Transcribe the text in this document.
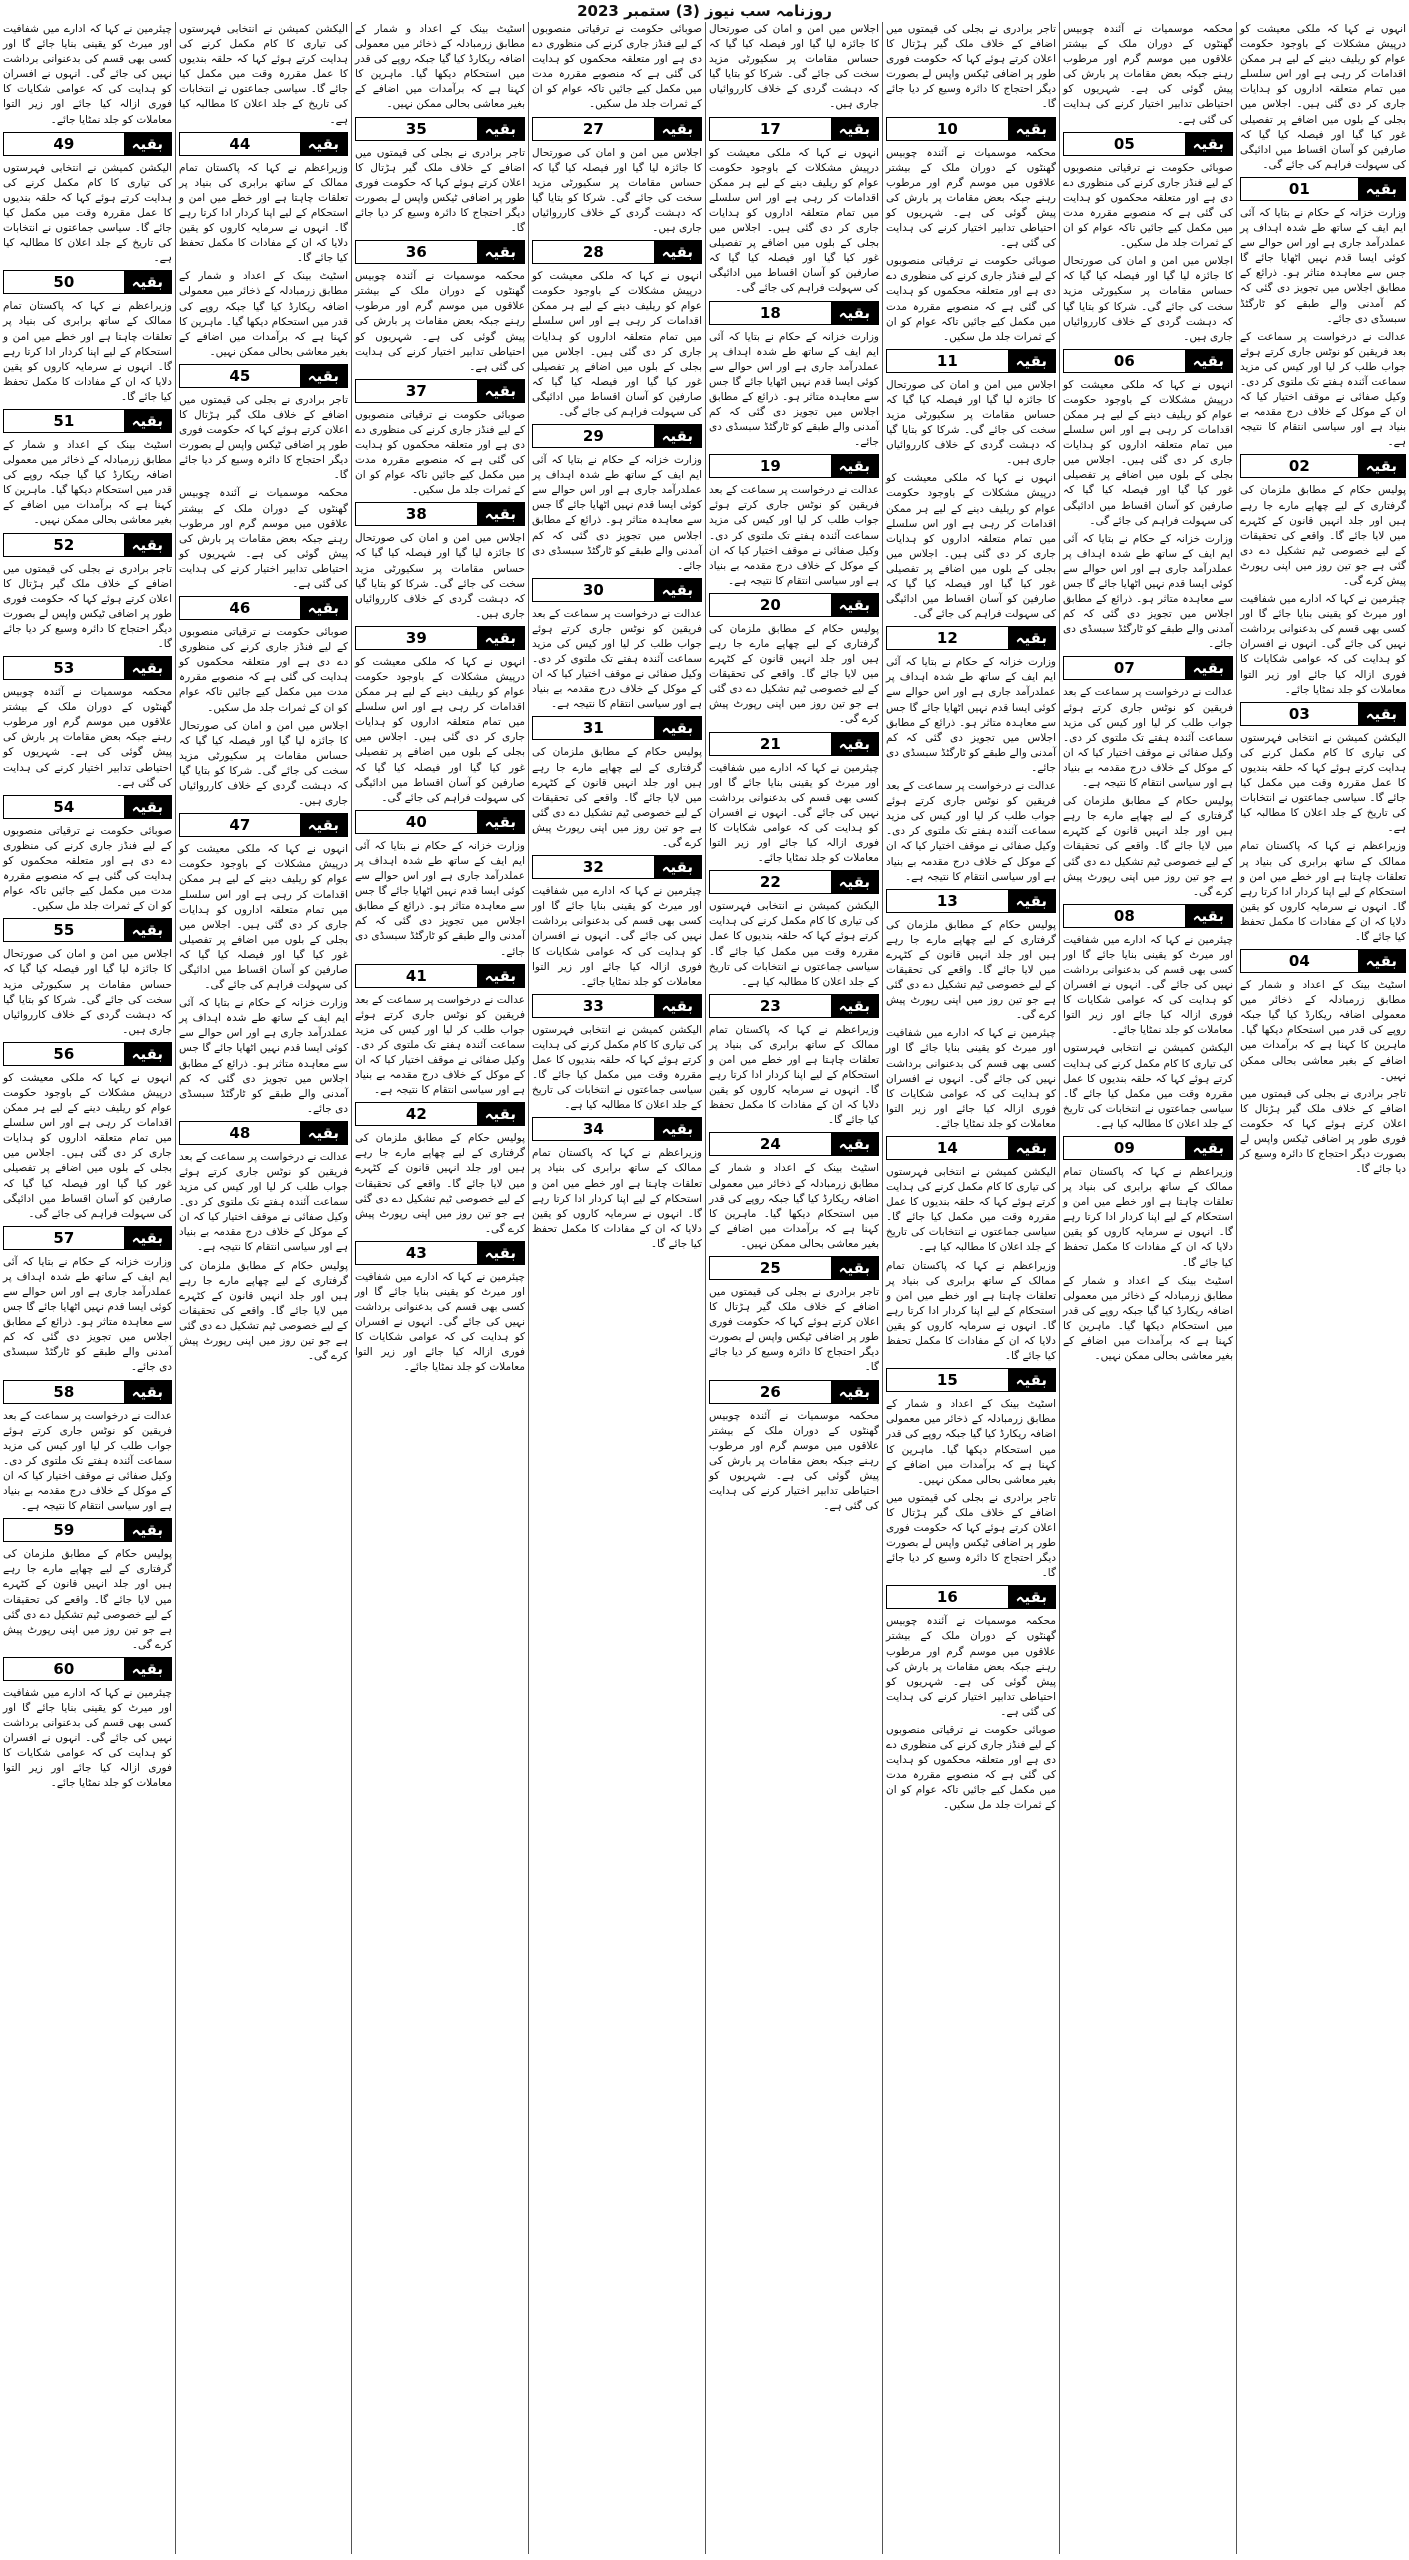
روزنامہ سب نیوز (3) ستمبر 2023

انہوں نے کہا کہ ملکی معیشت کو درپیش مشکلات کے باوجود حکومت عوام کو ریلیف دینے کے لیے ہر ممکن اقدامات کر رہی ہے اور اس سلسلے میں تمام متعلقہ اداروں کو ہدایات جاری کر دی گئی ہیں۔ اجلاس میں بجلی کے بلوں میں اضافے پر تفصیلی غور کیا گیا اور فیصلہ کیا گیا کہ صارفین کو آسان اقساط میں ادائیگی کی سہولت فراہم کی جائے گی۔

بقیہ
01

وزارت خزانہ کے حکام نے بتایا کہ آئی ایم ایف کے ساتھ طے شدہ اہداف پر عملدرآمد جاری ہے اور اس حوالے سے کوئی ایسا قدم نہیں اٹھایا جائے گا جس سے معاہدہ متاثر ہو۔ ذرائع کے مطابق اجلاس میں تجویز دی گئی کہ کم آمدنی والے طبقے کو ٹارگٹڈ سبسڈی دی جائے۔

عدالت نے درخواست پر سماعت کے بعد فریقین کو نوٹس جاری کرتے ہوئے جواب طلب کر لیا اور کیس کی مزید سماعت آئندہ ہفتے تک ملتوی کر دی۔ وکیل صفائی نے موقف اختیار کیا کہ ان کے موکل کے خلاف درج مقدمہ بے بنیاد ہے اور سیاسی انتقام کا نتیجہ ہے۔

بقیہ
02

پولیس حکام کے مطابق ملزمان کی گرفتاری کے لیے چھاپے مارے جا رہے ہیں اور جلد انہیں قانون کے کٹہرے میں لایا جائے گا۔ واقعے کی تحقیقات کے لیے خصوصی ٹیم تشکیل دے دی گئی ہے جو تین روز میں اپنی رپورٹ پیش کرے گی۔

چیئرمین نے کہا کہ ادارے میں شفافیت اور میرٹ کو یقینی بنایا جائے گا اور کسی بھی قسم کی بدعنوانی برداشت نہیں کی جائے گی۔ انہوں نے افسران کو ہدایت کی کہ عوامی شکایات کا فوری ازالہ کیا جائے اور زیر التوا معاملات کو جلد نمٹایا جائے۔

بقیہ
03

الیکشن کمیشن نے انتخابی فہرستوں کی تیاری کا کام مکمل کرنے کی ہدایت کرتے ہوئے کہا کہ حلقہ بندیوں کا عمل مقررہ وقت میں مکمل کیا جائے گا۔ سیاسی جماعتوں نے انتخابات کی تاریخ کے جلد اعلان کا مطالبہ کیا ہے۔

وزیراعظم نے کہا کہ پاکستان تمام ممالک کے ساتھ برابری کی بنیاد پر تعلقات چاہتا ہے اور خطے میں امن و استحکام کے لیے اپنا کردار ادا کرتا رہے گا۔ انہوں نے سرمایہ کاروں کو یقین دلایا کہ ان کے مفادات کا مکمل تحفظ کیا جائے گا۔

بقیہ
04

اسٹیٹ بینک کے اعداد و شمار کے مطابق زرمبادلہ کے ذخائر میں معمولی اضافہ ریکارڈ کیا گیا جبکہ روپے کی قدر میں استحکام دیکھا گیا۔ ماہرین کا کہنا ہے کہ برآمدات میں اضافے کے بغیر معاشی بحالی ممکن نہیں۔

تاجر برادری نے بجلی کی قیمتوں میں اضافے کے خلاف ملک گیر ہڑتال کا اعلان کرتے ہوئے کہا کہ حکومت فوری طور پر اضافی ٹیکس واپس لے بصورت دیگر احتجاج کا دائرہ وسیع کر دیا جائے گا۔

محکمہ موسمیات نے آئندہ چوبیس گھنٹوں کے دوران ملک کے بیشتر علاقوں میں موسم گرم اور مرطوب رہنے جبکہ بعض مقامات پر بارش کی پیش گوئی کی ہے۔ شہریوں کو احتیاطی تدابیر اختیار کرنے کی ہدایت کی گئی ہے۔

بقیہ
05

صوبائی حکومت نے ترقیاتی منصوبوں کے لیے فنڈز جاری کرنے کی منظوری دے دی ہے اور متعلقہ محکموں کو ہدایت کی گئی ہے کہ منصوبے مقررہ مدت میں مکمل کیے جائیں تاکہ عوام کو ان کے ثمرات جلد مل سکیں۔

اجلاس میں امن و امان کی صورتحال کا جائزہ لیا گیا اور فیصلہ کیا گیا کہ حساس مقامات پر سکیورٹی مزید سخت کی جائے گی۔ شرکا کو بتایا گیا کہ دہشت گردی کے خلاف کارروائیاں جاری ہیں۔

بقیہ
06

انہوں نے کہا کہ ملکی معیشت کو درپیش مشکلات کے باوجود حکومت عوام کو ریلیف دینے کے لیے ہر ممکن اقدامات کر رہی ہے اور اس سلسلے میں تمام متعلقہ اداروں کو ہدایات جاری کر دی گئی ہیں۔ اجلاس میں بجلی کے بلوں میں اضافے پر تفصیلی غور کیا گیا اور فیصلہ کیا گیا کہ صارفین کو آسان اقساط میں ادائیگی کی سہولت فراہم کی جائے گی۔

وزارت خزانہ کے حکام نے بتایا کہ آئی ایم ایف کے ساتھ طے شدہ اہداف پر عملدرآمد جاری ہے اور اس حوالے سے کوئی ایسا قدم نہیں اٹھایا جائے گا جس سے معاہدہ متاثر ہو۔ ذرائع کے مطابق اجلاس میں تجویز دی گئی کہ کم آمدنی والے طبقے کو ٹارگٹڈ سبسڈی دی جائے۔

بقیہ
07

عدالت نے درخواست پر سماعت کے بعد فریقین کو نوٹس جاری کرتے ہوئے جواب طلب کر لیا اور کیس کی مزید سماعت آئندہ ہفتے تک ملتوی کر دی۔ وکیل صفائی نے موقف اختیار کیا کہ ان کے موکل کے خلاف درج مقدمہ بے بنیاد ہے اور سیاسی انتقام کا نتیجہ ہے۔

پولیس حکام کے مطابق ملزمان کی گرفتاری کے لیے چھاپے مارے جا رہے ہیں اور جلد انہیں قانون کے کٹہرے میں لایا جائے گا۔ واقعے کی تحقیقات کے لیے خصوصی ٹیم تشکیل دے دی گئی ہے جو تین روز میں اپنی رپورٹ پیش کرے گی۔

بقیہ
08

چیئرمین نے کہا کہ ادارے میں شفافیت اور میرٹ کو یقینی بنایا جائے گا اور کسی بھی قسم کی بدعنوانی برداشت نہیں کی جائے گی۔ انہوں نے افسران کو ہدایت کی کہ عوامی شکایات کا فوری ازالہ کیا جائے اور زیر التوا معاملات کو جلد نمٹایا جائے۔

الیکشن کمیشن نے انتخابی فہرستوں کی تیاری کا کام مکمل کرنے کی ہدایت کرتے ہوئے کہا کہ حلقہ بندیوں کا عمل مقررہ وقت میں مکمل کیا جائے گا۔ سیاسی جماعتوں نے انتخابات کی تاریخ کے جلد اعلان کا مطالبہ کیا ہے۔

بقیہ
09

وزیراعظم نے کہا کہ پاکستان تمام ممالک کے ساتھ برابری کی بنیاد پر تعلقات چاہتا ہے اور خطے میں امن و استحکام کے لیے اپنا کردار ادا کرتا رہے گا۔ انہوں نے سرمایہ کاروں کو یقین دلایا کہ ان کے مفادات کا مکمل تحفظ کیا جائے گا۔

اسٹیٹ بینک کے اعداد و شمار کے مطابق زرمبادلہ کے ذخائر میں معمولی اضافہ ریکارڈ کیا گیا جبکہ روپے کی قدر میں استحکام دیکھا گیا۔ ماہرین کا کہنا ہے کہ برآمدات میں اضافے کے بغیر معاشی بحالی ممکن نہیں۔

تاجر برادری نے بجلی کی قیمتوں میں اضافے کے خلاف ملک گیر ہڑتال کا اعلان کرتے ہوئے کہا کہ حکومت فوری طور پر اضافی ٹیکس واپس لے بصورت دیگر احتجاج کا دائرہ وسیع کر دیا جائے گا۔

بقیہ
10

محکمہ موسمیات نے آئندہ چوبیس گھنٹوں کے دوران ملک کے بیشتر علاقوں میں موسم گرم اور مرطوب رہنے جبکہ بعض مقامات پر بارش کی پیش گوئی کی ہے۔ شہریوں کو احتیاطی تدابیر اختیار کرنے کی ہدایت کی گئی ہے۔

صوبائی حکومت نے ترقیاتی منصوبوں کے لیے فنڈز جاری کرنے کی منظوری دے دی ہے اور متعلقہ محکموں کو ہدایت کی گئی ہے کہ منصوبے مقررہ مدت میں مکمل کیے جائیں تاکہ عوام کو ان کے ثمرات جلد مل سکیں۔

بقیہ
11

اجلاس میں امن و امان کی صورتحال کا جائزہ لیا گیا اور فیصلہ کیا گیا کہ حساس مقامات پر سکیورٹی مزید سخت کی جائے گی۔ شرکا کو بتایا گیا کہ دہشت گردی کے خلاف کارروائیاں جاری ہیں۔

انہوں نے کہا کہ ملکی معیشت کو درپیش مشکلات کے باوجود حکومت عوام کو ریلیف دینے کے لیے ہر ممکن اقدامات کر رہی ہے اور اس سلسلے میں تمام متعلقہ اداروں کو ہدایات جاری کر دی گئی ہیں۔ اجلاس میں بجلی کے بلوں میں اضافے پر تفصیلی غور کیا گیا اور فیصلہ کیا گیا کہ صارفین کو آسان اقساط میں ادائیگی کی سہولت فراہم کی جائے گی۔

بقیہ
12

وزارت خزانہ کے حکام نے بتایا کہ آئی ایم ایف کے ساتھ طے شدہ اہداف پر عملدرآمد جاری ہے اور اس حوالے سے کوئی ایسا قدم نہیں اٹھایا جائے گا جس سے معاہدہ متاثر ہو۔ ذرائع کے مطابق اجلاس میں تجویز دی گئی کہ کم آمدنی والے طبقے کو ٹارگٹڈ سبسڈی دی جائے۔

عدالت نے درخواست پر سماعت کے بعد فریقین کو نوٹس جاری کرتے ہوئے جواب طلب کر لیا اور کیس کی مزید سماعت آئندہ ہفتے تک ملتوی کر دی۔ وکیل صفائی نے موقف اختیار کیا کہ ان کے موکل کے خلاف درج مقدمہ بے بنیاد ہے اور سیاسی انتقام کا نتیجہ ہے۔

بقیہ
13

پولیس حکام کے مطابق ملزمان کی گرفتاری کے لیے چھاپے مارے جا رہے ہیں اور جلد انہیں قانون کے کٹہرے میں لایا جائے گا۔ واقعے کی تحقیقات کے لیے خصوصی ٹیم تشکیل دے دی گئی ہے جو تین روز میں اپنی رپورٹ پیش کرے گی۔

چیئرمین نے کہا کہ ادارے میں شفافیت اور میرٹ کو یقینی بنایا جائے گا اور کسی بھی قسم کی بدعنوانی برداشت نہیں کی جائے گی۔ انہوں نے افسران کو ہدایت کی کہ عوامی شکایات کا فوری ازالہ کیا جائے اور زیر التوا معاملات کو جلد نمٹایا جائے۔

بقیہ
14

الیکشن کمیشن نے انتخابی فہرستوں کی تیاری کا کام مکمل کرنے کی ہدایت کرتے ہوئے کہا کہ حلقہ بندیوں کا عمل مقررہ وقت میں مکمل کیا جائے گا۔ سیاسی جماعتوں نے انتخابات کی تاریخ کے جلد اعلان کا مطالبہ کیا ہے۔

وزیراعظم نے کہا کہ پاکستان تمام ممالک کے ساتھ برابری کی بنیاد پر تعلقات چاہتا ہے اور خطے میں امن و استحکام کے لیے اپنا کردار ادا کرتا رہے گا۔ انہوں نے سرمایہ کاروں کو یقین دلایا کہ ان کے مفادات کا مکمل تحفظ کیا جائے گا۔

بقیہ
15

اسٹیٹ بینک کے اعداد و شمار کے مطابق زرمبادلہ کے ذخائر میں معمولی اضافہ ریکارڈ کیا گیا جبکہ روپے کی قدر میں استحکام دیکھا گیا۔ ماہرین کا کہنا ہے کہ برآمدات میں اضافے کے بغیر معاشی بحالی ممکن نہیں۔

تاجر برادری نے بجلی کی قیمتوں میں اضافے کے خلاف ملک گیر ہڑتال کا اعلان کرتے ہوئے کہا کہ حکومت فوری طور پر اضافی ٹیکس واپس لے بصورت دیگر احتجاج کا دائرہ وسیع کر دیا جائے گا۔

بقیہ
16

محکمہ موسمیات نے آئندہ چوبیس گھنٹوں کے دوران ملک کے بیشتر علاقوں میں موسم گرم اور مرطوب رہنے جبکہ بعض مقامات پر بارش کی پیش گوئی کی ہے۔ شہریوں کو احتیاطی تدابیر اختیار کرنے کی ہدایت کی گئی ہے۔

صوبائی حکومت نے ترقیاتی منصوبوں کے لیے فنڈز جاری کرنے کی منظوری دے دی ہے اور متعلقہ محکموں کو ہدایت کی گئی ہے کہ منصوبے مقررہ مدت میں مکمل کیے جائیں تاکہ عوام کو ان کے ثمرات جلد مل سکیں۔

اجلاس میں امن و امان کی صورتحال کا جائزہ لیا گیا اور فیصلہ کیا گیا کہ حساس مقامات پر سکیورٹی مزید سخت کی جائے گی۔ شرکا کو بتایا گیا کہ دہشت گردی کے خلاف کارروائیاں جاری ہیں۔

بقیہ
17

انہوں نے کہا کہ ملکی معیشت کو درپیش مشکلات کے باوجود حکومت عوام کو ریلیف دینے کے لیے ہر ممکن اقدامات کر رہی ہے اور اس سلسلے میں تمام متعلقہ اداروں کو ہدایات جاری کر دی گئی ہیں۔ اجلاس میں بجلی کے بلوں میں اضافے پر تفصیلی غور کیا گیا اور فیصلہ کیا گیا کہ صارفین کو آسان اقساط میں ادائیگی کی سہولت فراہم کی جائے گی۔

بقیہ
18

وزارت خزانہ کے حکام نے بتایا کہ آئی ایم ایف کے ساتھ طے شدہ اہداف پر عملدرآمد جاری ہے اور اس حوالے سے کوئی ایسا قدم نہیں اٹھایا جائے گا جس سے معاہدہ متاثر ہو۔ ذرائع کے مطابق اجلاس میں تجویز دی گئی کہ کم آمدنی والے طبقے کو ٹارگٹڈ سبسڈی دی جائے۔

بقیہ
19

عدالت نے درخواست پر سماعت کے بعد فریقین کو نوٹس جاری کرتے ہوئے جواب طلب کر لیا اور کیس کی مزید سماعت آئندہ ہفتے تک ملتوی کر دی۔ وکیل صفائی نے موقف اختیار کیا کہ ان کے موکل کے خلاف درج مقدمہ بے بنیاد ہے اور سیاسی انتقام کا نتیجہ ہے۔

بقیہ
20

پولیس حکام کے مطابق ملزمان کی گرفتاری کے لیے چھاپے مارے جا رہے ہیں اور جلد انہیں قانون کے کٹہرے میں لایا جائے گا۔ واقعے کی تحقیقات کے لیے خصوصی ٹیم تشکیل دے دی گئی ہے جو تین روز میں اپنی رپورٹ پیش کرے گی۔

بقیہ
21

چیئرمین نے کہا کہ ادارے میں شفافیت اور میرٹ کو یقینی بنایا جائے گا اور کسی بھی قسم کی بدعنوانی برداشت نہیں کی جائے گی۔ انہوں نے افسران کو ہدایت کی کہ عوامی شکایات کا فوری ازالہ کیا جائے اور زیر التوا معاملات کو جلد نمٹایا جائے۔

بقیہ
22

الیکشن کمیشن نے انتخابی فہرستوں کی تیاری کا کام مکمل کرنے کی ہدایت کرتے ہوئے کہا کہ حلقہ بندیوں کا عمل مقررہ وقت میں مکمل کیا جائے گا۔ سیاسی جماعتوں نے انتخابات کی تاریخ کے جلد اعلان کا مطالبہ کیا ہے۔

بقیہ
23

وزیراعظم نے کہا کہ پاکستان تمام ممالک کے ساتھ برابری کی بنیاد پر تعلقات چاہتا ہے اور خطے میں امن و استحکام کے لیے اپنا کردار ادا کرتا رہے گا۔ انہوں نے سرمایہ کاروں کو یقین دلایا کہ ان کے مفادات کا مکمل تحفظ کیا جائے گا۔

بقیہ
24

اسٹیٹ بینک کے اعداد و شمار کے مطابق زرمبادلہ کے ذخائر میں معمولی اضافہ ریکارڈ کیا گیا جبکہ روپے کی قدر میں استحکام دیکھا گیا۔ ماہرین کا کہنا ہے کہ برآمدات میں اضافے کے بغیر معاشی بحالی ممکن نہیں۔

بقیہ
25

تاجر برادری نے بجلی کی قیمتوں میں اضافے کے خلاف ملک گیر ہڑتال کا اعلان کرتے ہوئے کہا کہ حکومت فوری طور پر اضافی ٹیکس واپس لے بصورت دیگر احتجاج کا دائرہ وسیع کر دیا جائے گا۔

بقیہ
26

محکمہ موسمیات نے آئندہ چوبیس گھنٹوں کے دوران ملک کے بیشتر علاقوں میں موسم گرم اور مرطوب رہنے جبکہ بعض مقامات پر بارش کی پیش گوئی کی ہے۔ شہریوں کو احتیاطی تدابیر اختیار کرنے کی ہدایت کی گئی ہے۔

صوبائی حکومت نے ترقیاتی منصوبوں کے لیے فنڈز جاری کرنے کی منظوری دے دی ہے اور متعلقہ محکموں کو ہدایت کی گئی ہے کہ منصوبے مقررہ مدت میں مکمل کیے جائیں تاکہ عوام کو ان کے ثمرات جلد مل سکیں۔

بقیہ
27

اجلاس میں امن و امان کی صورتحال کا جائزہ لیا گیا اور فیصلہ کیا گیا کہ حساس مقامات پر سکیورٹی مزید سخت کی جائے گی۔ شرکا کو بتایا گیا کہ دہشت گردی کے خلاف کارروائیاں جاری ہیں۔

بقیہ
28

انہوں نے کہا کہ ملکی معیشت کو درپیش مشکلات کے باوجود حکومت عوام کو ریلیف دینے کے لیے ہر ممکن اقدامات کر رہی ہے اور اس سلسلے میں تمام متعلقہ اداروں کو ہدایات جاری کر دی گئی ہیں۔ اجلاس میں بجلی کے بلوں میں اضافے پر تفصیلی غور کیا گیا اور فیصلہ کیا گیا کہ صارفین کو آسان اقساط میں ادائیگی کی سہولت فراہم کی جائے گی۔

بقیہ
29

وزارت خزانہ کے حکام نے بتایا کہ آئی ایم ایف کے ساتھ طے شدہ اہداف پر عملدرآمد جاری ہے اور اس حوالے سے کوئی ایسا قدم نہیں اٹھایا جائے گا جس سے معاہدہ متاثر ہو۔ ذرائع کے مطابق اجلاس میں تجویز دی گئی کہ کم آمدنی والے طبقے کو ٹارگٹڈ سبسڈی دی جائے۔

بقیہ
30

عدالت نے درخواست پر سماعت کے بعد فریقین کو نوٹس جاری کرتے ہوئے جواب طلب کر لیا اور کیس کی مزید سماعت آئندہ ہفتے تک ملتوی کر دی۔ وکیل صفائی نے موقف اختیار کیا کہ ان کے موکل کے خلاف درج مقدمہ بے بنیاد ہے اور سیاسی انتقام کا نتیجہ ہے۔

بقیہ
31

پولیس حکام کے مطابق ملزمان کی گرفتاری کے لیے چھاپے مارے جا رہے ہیں اور جلد انہیں قانون کے کٹہرے میں لایا جائے گا۔ واقعے کی تحقیقات کے لیے خصوصی ٹیم تشکیل دے دی گئی ہے جو تین روز میں اپنی رپورٹ پیش کرے گی۔

بقیہ
32

چیئرمین نے کہا کہ ادارے میں شفافیت اور میرٹ کو یقینی بنایا جائے گا اور کسی بھی قسم کی بدعنوانی برداشت نہیں کی جائے گی۔ انہوں نے افسران کو ہدایت کی کہ عوامی شکایات کا فوری ازالہ کیا جائے اور زیر التوا معاملات کو جلد نمٹایا جائے۔

بقیہ
33

الیکشن کمیشن نے انتخابی فہرستوں کی تیاری کا کام مکمل کرنے کی ہدایت کرتے ہوئے کہا کہ حلقہ بندیوں کا عمل مقررہ وقت میں مکمل کیا جائے گا۔ سیاسی جماعتوں نے انتخابات کی تاریخ کے جلد اعلان کا مطالبہ کیا ہے۔

بقیہ
34

وزیراعظم نے کہا کہ پاکستان تمام ممالک کے ساتھ برابری کی بنیاد پر تعلقات چاہتا ہے اور خطے میں امن و استحکام کے لیے اپنا کردار ادا کرتا رہے گا۔ انہوں نے سرمایہ کاروں کو یقین دلایا کہ ان کے مفادات کا مکمل تحفظ کیا جائے گا۔

اسٹیٹ بینک کے اعداد و شمار کے مطابق زرمبادلہ کے ذخائر میں معمولی اضافہ ریکارڈ کیا گیا جبکہ روپے کی قدر میں استحکام دیکھا گیا۔ ماہرین کا کہنا ہے کہ برآمدات میں اضافے کے بغیر معاشی بحالی ممکن نہیں۔

بقیہ
35

تاجر برادری نے بجلی کی قیمتوں میں اضافے کے خلاف ملک گیر ہڑتال کا اعلان کرتے ہوئے کہا کہ حکومت فوری طور پر اضافی ٹیکس واپس لے بصورت دیگر احتجاج کا دائرہ وسیع کر دیا جائے گا۔

بقیہ
36

محکمہ موسمیات نے آئندہ چوبیس گھنٹوں کے دوران ملک کے بیشتر علاقوں میں موسم گرم اور مرطوب رہنے جبکہ بعض مقامات پر بارش کی پیش گوئی کی ہے۔ شہریوں کو احتیاطی تدابیر اختیار کرنے کی ہدایت کی گئی ہے۔

بقیہ
37

صوبائی حکومت نے ترقیاتی منصوبوں کے لیے فنڈز جاری کرنے کی منظوری دے دی ہے اور متعلقہ محکموں کو ہدایت کی گئی ہے کہ منصوبے مقررہ مدت میں مکمل کیے جائیں تاکہ عوام کو ان کے ثمرات جلد مل سکیں۔

بقیہ
38

اجلاس میں امن و امان کی صورتحال کا جائزہ لیا گیا اور فیصلہ کیا گیا کہ حساس مقامات پر سکیورٹی مزید سخت کی جائے گی۔ شرکا کو بتایا گیا کہ دہشت گردی کے خلاف کارروائیاں جاری ہیں۔

بقیہ
39

انہوں نے کہا کہ ملکی معیشت کو درپیش مشکلات کے باوجود حکومت عوام کو ریلیف دینے کے لیے ہر ممکن اقدامات کر رہی ہے اور اس سلسلے میں تمام متعلقہ اداروں کو ہدایات جاری کر دی گئی ہیں۔ اجلاس میں بجلی کے بلوں میں اضافے پر تفصیلی غور کیا گیا اور فیصلہ کیا گیا کہ صارفین کو آسان اقساط میں ادائیگی کی سہولت فراہم کی جائے گی۔

بقیہ
40

وزارت خزانہ کے حکام نے بتایا کہ آئی ایم ایف کے ساتھ طے شدہ اہداف پر عملدرآمد جاری ہے اور اس حوالے سے کوئی ایسا قدم نہیں اٹھایا جائے گا جس سے معاہدہ متاثر ہو۔ ذرائع کے مطابق اجلاس میں تجویز دی گئی کہ کم آمدنی والے طبقے کو ٹارگٹڈ سبسڈی دی جائے۔

بقیہ
41

عدالت نے درخواست پر سماعت کے بعد فریقین کو نوٹس جاری کرتے ہوئے جواب طلب کر لیا اور کیس کی مزید سماعت آئندہ ہفتے تک ملتوی کر دی۔ وکیل صفائی نے موقف اختیار کیا کہ ان کے موکل کے خلاف درج مقدمہ بے بنیاد ہے اور سیاسی انتقام کا نتیجہ ہے۔

بقیہ
42

پولیس حکام کے مطابق ملزمان کی گرفتاری کے لیے چھاپے مارے جا رہے ہیں اور جلد انہیں قانون کے کٹہرے میں لایا جائے گا۔ واقعے کی تحقیقات کے لیے خصوصی ٹیم تشکیل دے دی گئی ہے جو تین روز میں اپنی رپورٹ پیش کرے گی۔

بقیہ
43

چیئرمین نے کہا کہ ادارے میں شفافیت اور میرٹ کو یقینی بنایا جائے گا اور کسی بھی قسم کی بدعنوانی برداشت نہیں کی جائے گی۔ انہوں نے افسران کو ہدایت کی کہ عوامی شکایات کا فوری ازالہ کیا جائے اور زیر التوا معاملات کو جلد نمٹایا جائے۔

الیکشن کمیشن نے انتخابی فہرستوں کی تیاری کا کام مکمل کرنے کی ہدایت کرتے ہوئے کہا کہ حلقہ بندیوں کا عمل مقررہ وقت میں مکمل کیا جائے گا۔ سیاسی جماعتوں نے انتخابات کی تاریخ کے جلد اعلان کا مطالبہ کیا ہے۔

بقیہ
44

وزیراعظم نے کہا کہ پاکستان تمام ممالک کے ساتھ برابری کی بنیاد پر تعلقات چاہتا ہے اور خطے میں امن و استحکام کے لیے اپنا کردار ادا کرتا رہے گا۔ انہوں نے سرمایہ کاروں کو یقین دلایا کہ ان کے مفادات کا مکمل تحفظ کیا جائے گا۔

اسٹیٹ بینک کے اعداد و شمار کے مطابق زرمبادلہ کے ذخائر میں معمولی اضافہ ریکارڈ کیا گیا جبکہ روپے کی قدر میں استحکام دیکھا گیا۔ ماہرین کا کہنا ہے کہ برآمدات میں اضافے کے بغیر معاشی بحالی ممکن نہیں۔

بقیہ
45

تاجر برادری نے بجلی کی قیمتوں میں اضافے کے خلاف ملک گیر ہڑتال کا اعلان کرتے ہوئے کہا کہ حکومت فوری طور پر اضافی ٹیکس واپس لے بصورت دیگر احتجاج کا دائرہ وسیع کر دیا جائے گا۔

محکمہ موسمیات نے آئندہ چوبیس گھنٹوں کے دوران ملک کے بیشتر علاقوں میں موسم گرم اور مرطوب رہنے جبکہ بعض مقامات پر بارش کی پیش گوئی کی ہے۔ شہریوں کو احتیاطی تدابیر اختیار کرنے کی ہدایت کی گئی ہے۔

بقیہ
46

صوبائی حکومت نے ترقیاتی منصوبوں کے لیے فنڈز جاری کرنے کی منظوری دے دی ہے اور متعلقہ محکموں کو ہدایت کی گئی ہے کہ منصوبے مقررہ مدت میں مکمل کیے جائیں تاکہ عوام کو ان کے ثمرات جلد مل سکیں۔

اجلاس میں امن و امان کی صورتحال کا جائزہ لیا گیا اور فیصلہ کیا گیا کہ حساس مقامات پر سکیورٹی مزید سخت کی جائے گی۔ شرکا کو بتایا گیا کہ دہشت گردی کے خلاف کارروائیاں جاری ہیں۔

بقیہ
47

انہوں نے کہا کہ ملکی معیشت کو درپیش مشکلات کے باوجود حکومت عوام کو ریلیف دینے کے لیے ہر ممکن اقدامات کر رہی ہے اور اس سلسلے میں تمام متعلقہ اداروں کو ہدایات جاری کر دی گئی ہیں۔ اجلاس میں بجلی کے بلوں میں اضافے پر تفصیلی غور کیا گیا اور فیصلہ کیا گیا کہ صارفین کو آسان اقساط میں ادائیگی کی سہولت فراہم کی جائے گی۔

وزارت خزانہ کے حکام نے بتایا کہ آئی ایم ایف کے ساتھ طے شدہ اہداف پر عملدرآمد جاری ہے اور اس حوالے سے کوئی ایسا قدم نہیں اٹھایا جائے گا جس سے معاہدہ متاثر ہو۔ ذرائع کے مطابق اجلاس میں تجویز دی گئی کہ کم آمدنی والے طبقے کو ٹارگٹڈ سبسڈی دی جائے۔

بقیہ
48

عدالت نے درخواست پر سماعت کے بعد فریقین کو نوٹس جاری کرتے ہوئے جواب طلب کر لیا اور کیس کی مزید سماعت آئندہ ہفتے تک ملتوی کر دی۔ وکیل صفائی نے موقف اختیار کیا کہ ان کے موکل کے خلاف درج مقدمہ بے بنیاد ہے اور سیاسی انتقام کا نتیجہ ہے۔

پولیس حکام کے مطابق ملزمان کی گرفتاری کے لیے چھاپے مارے جا رہے ہیں اور جلد انہیں قانون کے کٹہرے میں لایا جائے گا۔ واقعے کی تحقیقات کے لیے خصوصی ٹیم تشکیل دے دی گئی ہے جو تین روز میں اپنی رپورٹ پیش کرے گی۔

چیئرمین نے کہا کہ ادارے میں شفافیت اور میرٹ کو یقینی بنایا جائے گا اور کسی بھی قسم کی بدعنوانی برداشت نہیں کی جائے گی۔ انہوں نے افسران کو ہدایت کی کہ عوامی شکایات کا فوری ازالہ کیا جائے اور زیر التوا معاملات کو جلد نمٹایا جائے۔

بقیہ
49

الیکشن کمیشن نے انتخابی فہرستوں کی تیاری کا کام مکمل کرنے کی ہدایت کرتے ہوئے کہا کہ حلقہ بندیوں کا عمل مقررہ وقت میں مکمل کیا جائے گا۔ سیاسی جماعتوں نے انتخابات کی تاریخ کے جلد اعلان کا مطالبہ کیا ہے۔

بقیہ
50

وزیراعظم نے کہا کہ پاکستان تمام ممالک کے ساتھ برابری کی بنیاد پر تعلقات چاہتا ہے اور خطے میں امن و استحکام کے لیے اپنا کردار ادا کرتا رہے گا۔ انہوں نے سرمایہ کاروں کو یقین دلایا کہ ان کے مفادات کا مکمل تحفظ کیا جائے گا۔

بقیہ
51

اسٹیٹ بینک کے اعداد و شمار کے مطابق زرمبادلہ کے ذخائر میں معمولی اضافہ ریکارڈ کیا گیا جبکہ روپے کی قدر میں استحکام دیکھا گیا۔ ماہرین کا کہنا ہے کہ برآمدات میں اضافے کے بغیر معاشی بحالی ممکن نہیں۔

بقیہ
52

تاجر برادری نے بجلی کی قیمتوں میں اضافے کے خلاف ملک گیر ہڑتال کا اعلان کرتے ہوئے کہا کہ حکومت فوری طور پر اضافی ٹیکس واپس لے بصورت دیگر احتجاج کا دائرہ وسیع کر دیا جائے گا۔

بقیہ
53

محکمہ موسمیات نے آئندہ چوبیس گھنٹوں کے دوران ملک کے بیشتر علاقوں میں موسم گرم اور مرطوب رہنے جبکہ بعض مقامات پر بارش کی پیش گوئی کی ہے۔ شہریوں کو احتیاطی تدابیر اختیار کرنے کی ہدایت کی گئی ہے۔

بقیہ
54

صوبائی حکومت نے ترقیاتی منصوبوں کے لیے فنڈز جاری کرنے کی منظوری دے دی ہے اور متعلقہ محکموں کو ہدایت کی گئی ہے کہ منصوبے مقررہ مدت میں مکمل کیے جائیں تاکہ عوام کو ان کے ثمرات جلد مل سکیں۔

بقیہ
55

اجلاس میں امن و امان کی صورتحال کا جائزہ لیا گیا اور فیصلہ کیا گیا کہ حساس مقامات پر سکیورٹی مزید سخت کی جائے گی۔ شرکا کو بتایا گیا کہ دہشت گردی کے خلاف کارروائیاں جاری ہیں۔

بقیہ
56

انہوں نے کہا کہ ملکی معیشت کو درپیش مشکلات کے باوجود حکومت عوام کو ریلیف دینے کے لیے ہر ممکن اقدامات کر رہی ہے اور اس سلسلے میں تمام متعلقہ اداروں کو ہدایات جاری کر دی گئی ہیں۔ اجلاس میں بجلی کے بلوں میں اضافے پر تفصیلی غور کیا گیا اور فیصلہ کیا گیا کہ صارفین کو آسان اقساط میں ادائیگی کی سہولت فراہم کی جائے گی۔

بقیہ
57

وزارت خزانہ کے حکام نے بتایا کہ آئی ایم ایف کے ساتھ طے شدہ اہداف پر عملدرآمد جاری ہے اور اس حوالے سے کوئی ایسا قدم نہیں اٹھایا جائے گا جس سے معاہدہ متاثر ہو۔ ذرائع کے مطابق اجلاس میں تجویز دی گئی کہ کم آمدنی والے طبقے کو ٹارگٹڈ سبسڈی دی جائے۔

بقیہ
58

عدالت نے درخواست پر سماعت کے بعد فریقین کو نوٹس جاری کرتے ہوئے جواب طلب کر لیا اور کیس کی مزید سماعت آئندہ ہفتے تک ملتوی کر دی۔ وکیل صفائی نے موقف اختیار کیا کہ ان کے موکل کے خلاف درج مقدمہ بے بنیاد ہے اور سیاسی انتقام کا نتیجہ ہے۔

بقیہ
59

پولیس حکام کے مطابق ملزمان کی گرفتاری کے لیے چھاپے مارے جا رہے ہیں اور جلد انہیں قانون کے کٹہرے میں لایا جائے گا۔ واقعے کی تحقیقات کے لیے خصوصی ٹیم تشکیل دے دی گئی ہے جو تین روز میں اپنی رپورٹ پیش کرے گی۔

بقیہ
60

چیئرمین نے کہا کہ ادارے میں شفافیت اور میرٹ کو یقینی بنایا جائے گا اور کسی بھی قسم کی بدعنوانی برداشت نہیں کی جائے گی۔ انہوں نے افسران کو ہدایت کی کہ عوامی شکایات کا فوری ازالہ کیا جائے اور زیر التوا معاملات کو جلد نمٹایا جائے۔
